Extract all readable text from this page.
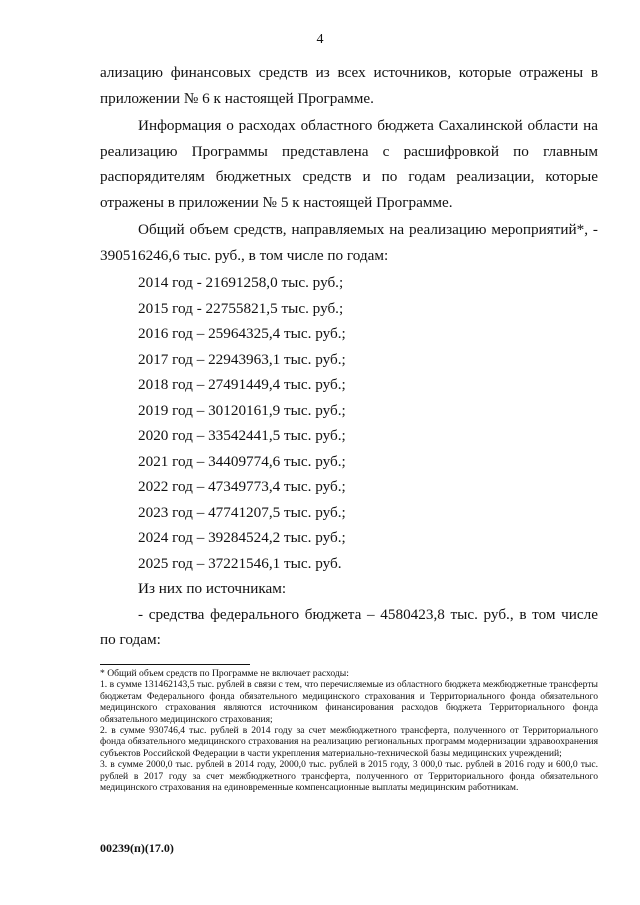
4

ализацию финансовых средств из всех источников, которые отражены в приложении № 6 к настоящей Программе.

Информация о расходах областного бюджета Сахалинской области на реализацию Программы представлена с расшифровкой по главным распорядителям бюджетных средств и по годам реализации, которые отражены в приложении № 5 к настоящей Программе.

Общий объем средств, направляемых на реализацию мероприятий*, - 390516246,6 тыс. руб., в том числе по годам:

2014 год - 21691258,0 тыс. руб.;
2015 год - 22755821,5 тыс. руб.;
2016 год – 25964325,4 тыс. руб.;
2017 год – 22943963,1 тыс. руб.;
2018 год – 27491449,4 тыс. руб.;
2019 год – 30120161,9 тыс. руб.;
2020 год – 33542441,5 тыс. руб.;
2021 год – 34409774,6 тыс. руб.;
2022 год – 47349773,4 тыс. руб.;
2023 год – 47741207,5 тыс. руб.;
2024 год – 39284524,2 тыс. руб.;
2025 год – 37221546,1 тыс. руб.

Из них по источникам:

- средства федерального бюджета – 4580423,8 тыс. руб., в том числе по годам:

* Общий объем средств по Программе не включает расходы:

1. в сумме 131462143,5 тыс. рублей в связи с тем, что перечисляемые из областного бюджета межбюджетные трансферты бюджетам Федерального фонда обязательного медицинского страхования и Территориального фонда обязательного медицинского страхования являются источником финансирования расходов бюджета Территориального фонда обязательного медицинского страхования;

2. в сумме 930746,4 тыс. рублей в 2014 году за счет межбюджетного трансферта, полученного от Территориального фонда обязательного медицинского страхования на реализацию региональных программ модернизации здравоохранения субъектов Российской Федерации в части укрепления материально-технической базы медицинских учреждений;

3. в сумме 2000,0 тыс. рублей в 2014 году, 2000,0 тыс. рублей в 2015 году, 3 000,0 тыс. рублей в 2016 году и 600,0 тыс. рублей в 2017 году за счет межбюджетного трансферта, полученного от Территориального фонда обязательного медицинского страхования на единовременные компенсационные выплаты медицинским работникам.

00239(п)(17.0)
